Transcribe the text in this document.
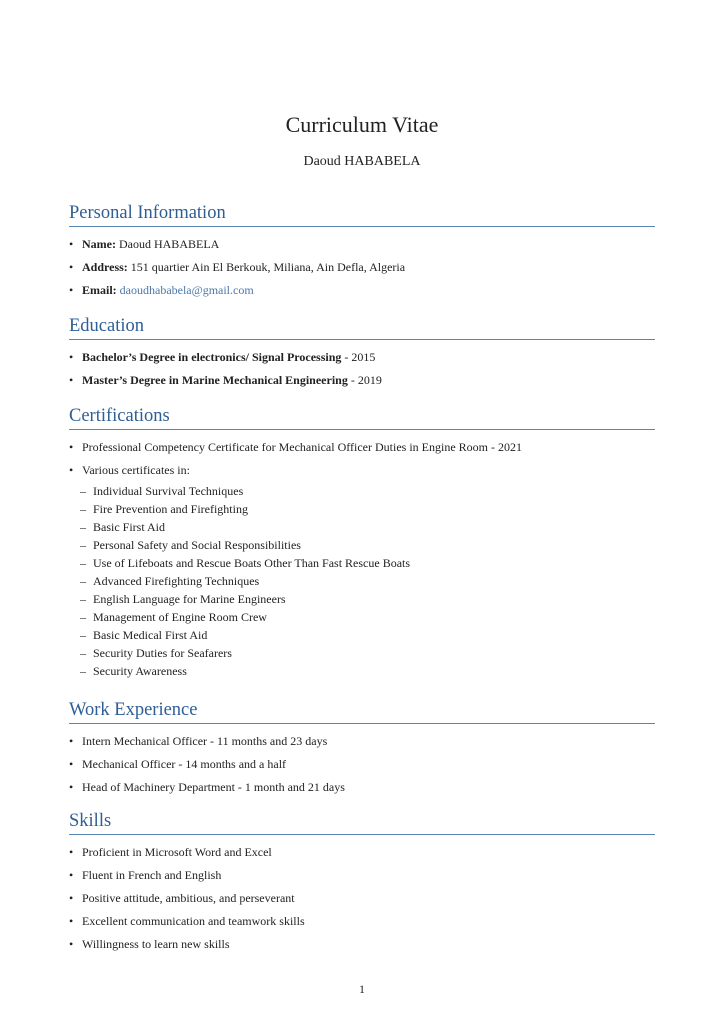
Curriculum Vitae
Daoud HABABELA
Personal Information
• Name: Daoud HABABELA
• Address: 151 quartier Ain El Berkouk, Miliana, Ain Defla, Algeria
• Email: daoudhababela@gmail.com
Education
• Bachelor’s Degree in electronics/ Signal Processing - 2015
• Master’s Degree in Marine Mechanical Engineering - 2019
Certifications
• Professional Competency Certificate for Mechanical Officer Duties in Engine Room - 2021
• Various certificates in:
– Individual Survival Techniques
– Fire Prevention and Firefighting
– Basic First Aid
– Personal Safety and Social Responsibilities
– Use of Lifeboats and Rescue Boats Other Than Fast Rescue Boats
– Advanced Firefighting Techniques
– English Language for Marine Engineers
– Management of Engine Room Crew
– Basic Medical First Aid
– Security Duties for Seafarers
– Security Awareness
Work Experience
• Intern Mechanical Officer - 11 months and 23 days
• Mechanical Officer - 14 months and a half
• Head of Machinery Department - 1 month and 21 days
Skills
• Proficient in Microsoft Word and Excel
• Fluent in French and English
• Positive attitude, ambitious, and perseverant
• Excellent communication and teamwork skills
• Willingness to learn new skills
1
